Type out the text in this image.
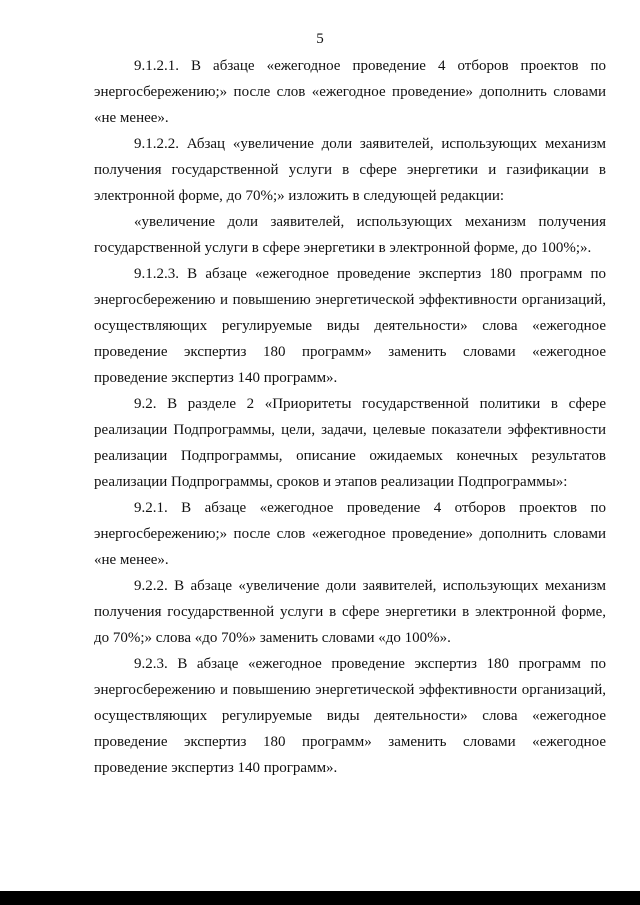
5

9.1.2.1. В абзаце «ежегодное проведение 4 отборов проектов по энергосбережению;» после слов «ежегодное проведение» дополнить словами «не менее».

9.1.2.2. Абзац «увеличение доли заявителей, использующих механизм получения государственной услуги в сфере энергетики и газификации в электронной форме, до 70%;» изложить в следующей редакции:

«увеличение доли заявителей, использующих механизм получения государственной услуги в сфере энергетики в электронной форме, до 100%;».

9.1.2.3. В абзаце «ежегодное проведение экспертиз 180 программ по энергосбережению и повышению энергетической эффективности организаций, осуществляющих регулируемые виды деятельности» слова «ежегодное проведение экспертиз 180 программ» заменить словами «ежегодное проведение экспертиз 140 программ».

9.2. В разделе 2 «Приоритеты государственной политики в сфере реализации Подпрограммы, цели, задачи, целевые показатели эффективности реализации Подпрограммы, описание ожидаемых конечных результатов реализации Подпрограммы, сроков и этапов реализации Подпрограммы»:

9.2.1. В абзаце «ежегодное проведение 4 отборов проектов по энергосбережению;» после слов «ежегодное проведение» дополнить словами «не менее».

9.2.2. В абзаце «увеличение доли заявителей, использующих механизм получения государственной услуги в сфере энергетики в электронной форме, до 70%;» слова «до 70%» заменить словами «до 100%».

9.2.3. В абзаце «ежегодное проведение экспертиз 180 программ по энергосбережению и повышению энергетической эффективности организаций, осуществляющих регулируемые виды деятельности» слова «ежегодное проведение экспертиз 180 программ» заменить словами «ежегодное проведение экспертиз 140 программ».
